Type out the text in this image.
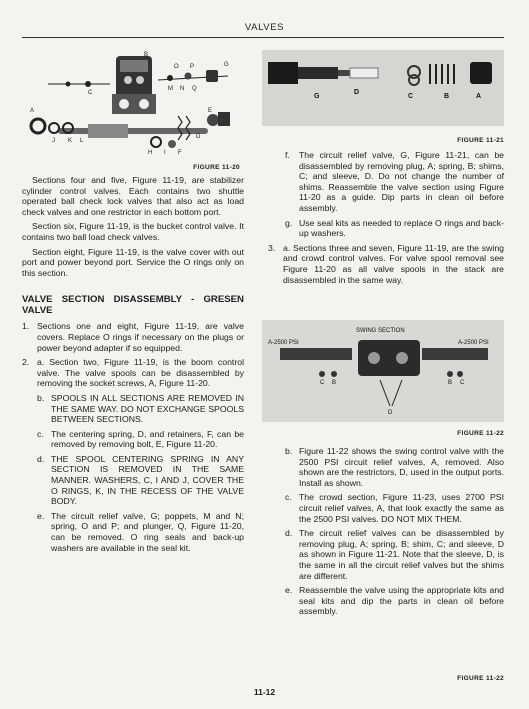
VALVES
B
O P	G
C
M N Q
A	E
D
J K L
H I F
FIGURE 11-20
G
D
C	B	A
FIGURE 11-21
SWING SECTION
A-2500 PSI	A-2500 PSI
C B	B C
D
FIGURE 11-22

Sections four and five, Figure 11-19, are stabilizer cylinder control valves. Each contains two shuttle operated ball check lock valves that also act as load check valves and one restrictor in each bottom port.

Section six, Figure 11-19, is the bucket control valve. It contains two ball load check valves.

Section eight, Figure 11-19, is the valve cover with out port and power beyond port. Service the O rings only on this section.

VALVE SECTION DISASSEMBLY - GRESEN VALVE
1. Sections one and eight, Figure 11-19, are valve covers. Replace O rings if necessary on the plugs or power beyond adapter if so equipped.
2. a. Section two, Figure 11-19, is the boom control valve. The valve spools can be disassembled by removing the socket screws, A, Figure 11-20.
b. SPOOLS IN ALL SECTIONS ARE REMOVED IN THE SAME WAY. DO NOT EXCHANGE SPOOLS BETWEEN SECTIONS.
c. The centering spring, D, and retainers, F, can be removed by removing bolt, E, Figure 11-20.
d. THE SPOOL CENTERING SPRING IN ANY SECTION IS REMOVED IN THE SAME MANNER. WASHERS, C, I AND J, COVER THE O RINGS, K, IN THE RECESS OF THE VALVE BODY.
e. The circuit relief valve, G; poppets, M and N; spring, O and P; and plunger, Q, Figure 11-20, can be removed. O ring seals and back-up washers are available in the seal kit.
f.	The circuit relief valve, G, Figure 11-21, can be disassembled by removing plug, A; spring, B; shims, C; and sleeve, D. Do not change the number of shims. Reassemble the valve section using Figure 11-20 as a guide. Dip parts in clean oil before assembly.
g. Use seal kits as needed to replace O rings and back-up washers.
3. a. Sections three and seven, Figure 11-19, are the swing and crowd control valves. For valve spool removal see Figure 11-20 as all valve spools in the stack are disassembled in the same way.
b. Figure 11-22 shows the swing control valve with the 2500 PSI circuit relief valves, A, removed. Also shown are the restrictors, D, used in the output ports. Install as shown.
c. The crowd section, Figure 11-23, uses 2700 PSI circuit relief valves, A, that look exactly the same as the 2500 PSI valves. DO NOT MIX THEM.
d. The circuit relief valves can be disassembled by removing plug, A; spring, B; shim, C; and sleeve, D as shown in Figure 11-21. Note that the sleeve, D, is the same in all the circuit relief valves but the shims are different.
e. Reassemble the valve using the appropriate kits and seal kits and dip the parts in clean oil before assembly.
FIGURE 11-22
11-12
